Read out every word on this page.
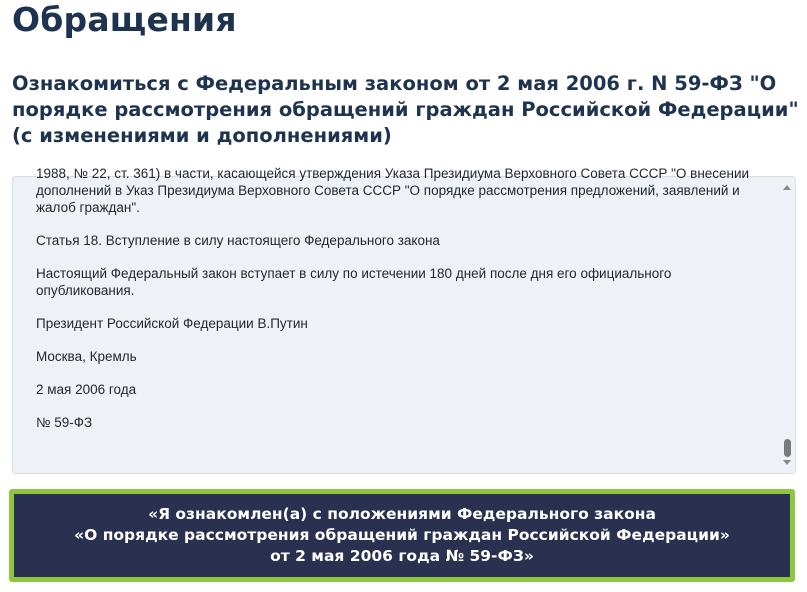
Обращения

Ознакомиться с Федеральным законом от 2 мая 2006 г. N 59-ФЗ "О порядке рассмотрения обращений граждан Российской Федерации" (с изменениями и дополнениями)

1988, № 22, ст. 361) в части, касающейся утверждения Указа Президиума Верховного Совета СССР "О внесении дополнений в Указ Президиума Верховного Совета СССР "О порядке рассмотрения предложений, заявлений и жалоб граждан".

Статья 18. Вступление в силу настоящего Федерального закона

Настоящий Федеральный закон вступает в силу по истечении 180 дней после дня его официального опубликования.

Президент Российской Федерации В.Путин

Москва, Кремль

2 мая 2006 года

№ 59-ФЗ

«Я ознакомлен(а) с положениями Федерального закона
«О порядке рассмотрения обращений граждан Российской Федерации»
от 2 мая 2006 года № 59-ФЗ»
